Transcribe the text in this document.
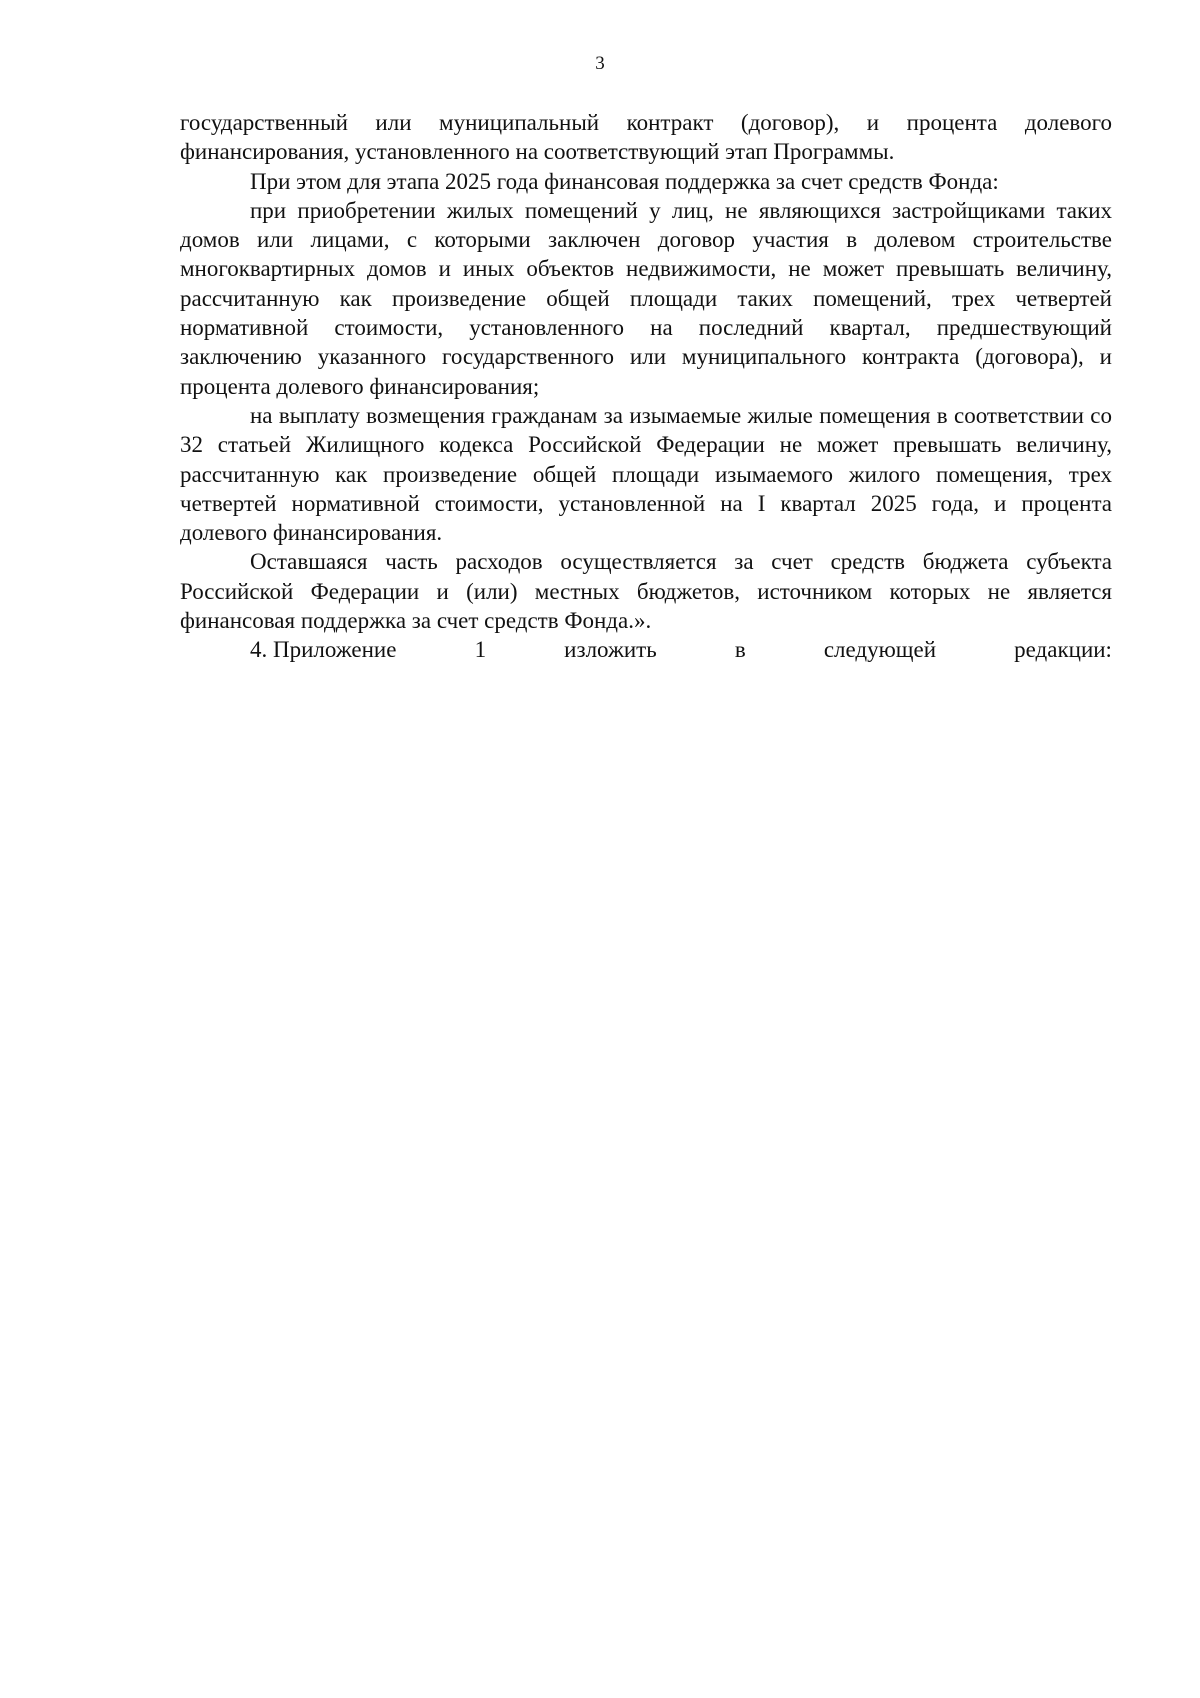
3

государственный или муниципальный контракт (договор), и процента долевого финансирования, установленного на соответствующий этап Программы.

При этом для этапа 2025 года финансовая поддержка за счет средств Фонда:

при приобретении жилых помещений у лиц, не являющихся застройщиками таких домов или лицами, с которыми заключен договор участия в долевом строительстве многоквартирных домов и иных объектов недвижимости, не может превышать величину, рассчитанную как произведение общей площади таких помещений, трех четвертей нормативной стоимости, установленного на последний квартал, предшествующий заключению указанного государственного или муниципального контракта (договора), и процента долевого финансирования;

на выплату возмещения гражданам за изымаемые жилые помещения в соответствии со 32 статьей Жилищного кодекса Российской Федерации не может превышать величину, рассчитанную как произведение общей площади изымаемого жилого помещения, трех четвертей нормативной стоимости, установленной на I квартал 2025 года, и процента долевого финансирования.

Оставшаяся часть расходов осуществляется за счет средств бюджета субъекта Российской Федерации и (или) местных бюджетов, источником которых не является финансовая поддержка за счет средств Фонда.».

4. Приложение	1	изложить	в	следующей	редакции:
